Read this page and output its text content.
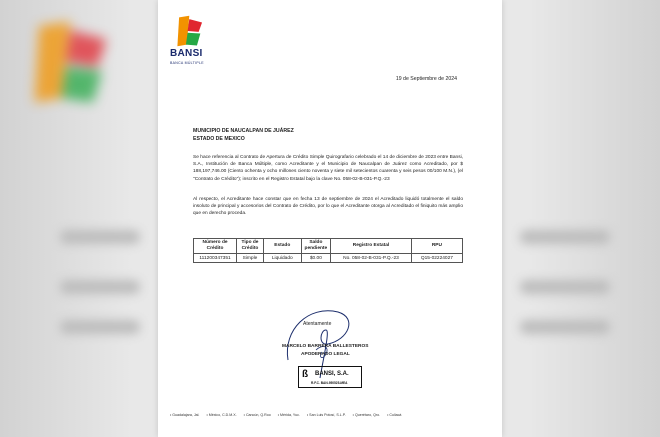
BANSI
BANCA MÚLTIPLE
19 de Septiembre de 2024
MUNICIPIO DE NAUCALPAN DE JUÁREZ
ESTADO DE MEXICO
Se hace referencia al Contrato de Apertura de Crédito Simple Quirografario celebrado el 14 de diciembre de 2023 entre Bansi, S.A., Institución de Banca Múltiple, como Acreditante y el Municipio de Naucalpan de Juárez como Acreditado, por $ 188,197,746.00 (Ciento ochenta y ocho millones ciento noventa y siete mil setecientos cuarenta y seis pesos 00/100 M.N.), (el "Contrato de Crédito"); inscrito en el Registro Estatal bajo la clave No. 058-02-B-031-P.Q.-23
Al respecto, el Acreditante hace constar que en fecha 13 de septiembre de 2024 el Acreditado liquidó totalmente el saldo insoluto de principal y accesorios del Contrato de Crédito, por lo que el Acreditante otorga al Acreditado el finiquito más amplio que en derecho proceda.
Número de Crédito	Tipo de Crédito	Estado	Saldo pendiente	Registro Estatal	RPU
111200347351	Simple	Liquidado	$0.00	No. 058-02-B-031-P.Q.-23	Q15-02224027
Atentamente
MARCELO BARRERA BALLESTEROS
APODERADO LEGAL
ß BANSI, S.A.
R.F.C. BAN-950525-MEA
• Guadalajara, Jal. • México, C.D.M.X. • Cancún, Q.Roo • Mérida, Yuc. • San Luis Potosí, S.L.P. • Querétaro, Qro. • Culiacá
